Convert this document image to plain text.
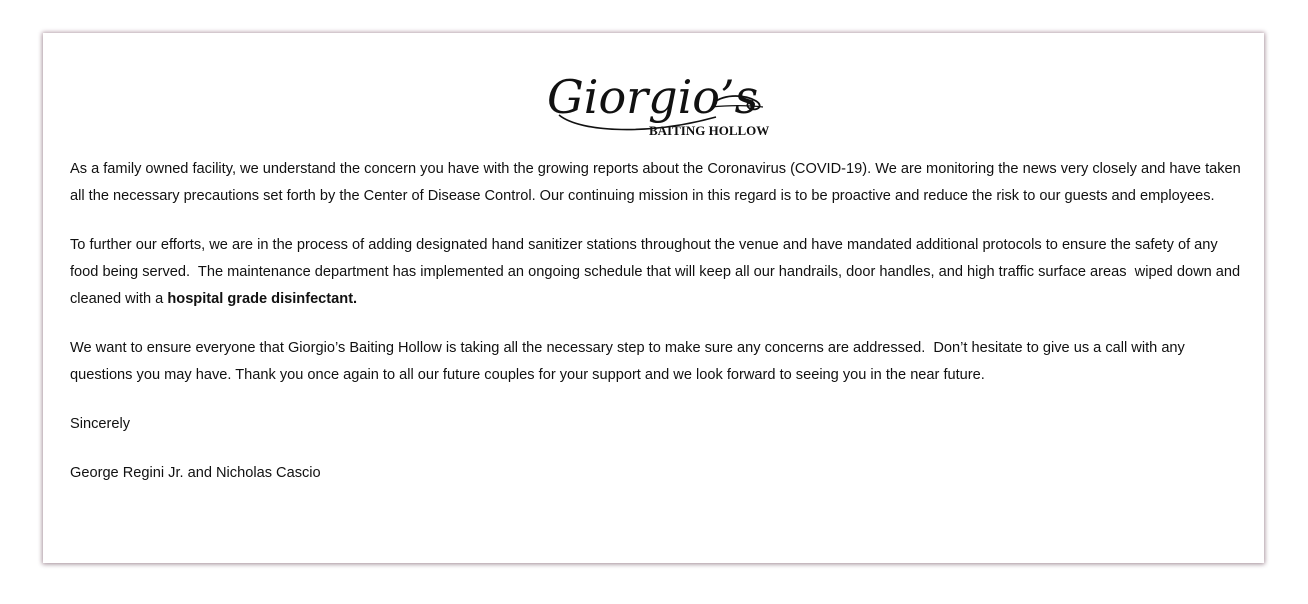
Giorgio’s
BAITING HOLLOW

As a family owned facility, we understand the concern you have with the growing reports about the Coronavirus (COVID-19). We are monitoring the news very closely and have taken all the necessary precautions set forth by the Center of Disease Control. Our continuing mission in this regard is to be proactive and reduce the risk to our guests and employees.

To further our efforts, we are in the process of adding designated hand sanitizer stations throughout the venue and have mandated additional protocols to ensure the safety of any food being served.  The maintenance department has implemented an ongoing schedule that will keep all our handrails, door handles, and high traffic surface areas  wiped down and cleaned with a hospital grade disinfectant.

We want to ensure everyone that Giorgio’s Baiting Hollow is taking all the necessary step to make sure any concerns are addressed.  Don’t hesitate to give us a call with any questions you may have. Thank you once again to all our future couples for your support and we look forward to seeing you in the near future.

Sincerely

George Regini Jr. and Nicholas Cascio
